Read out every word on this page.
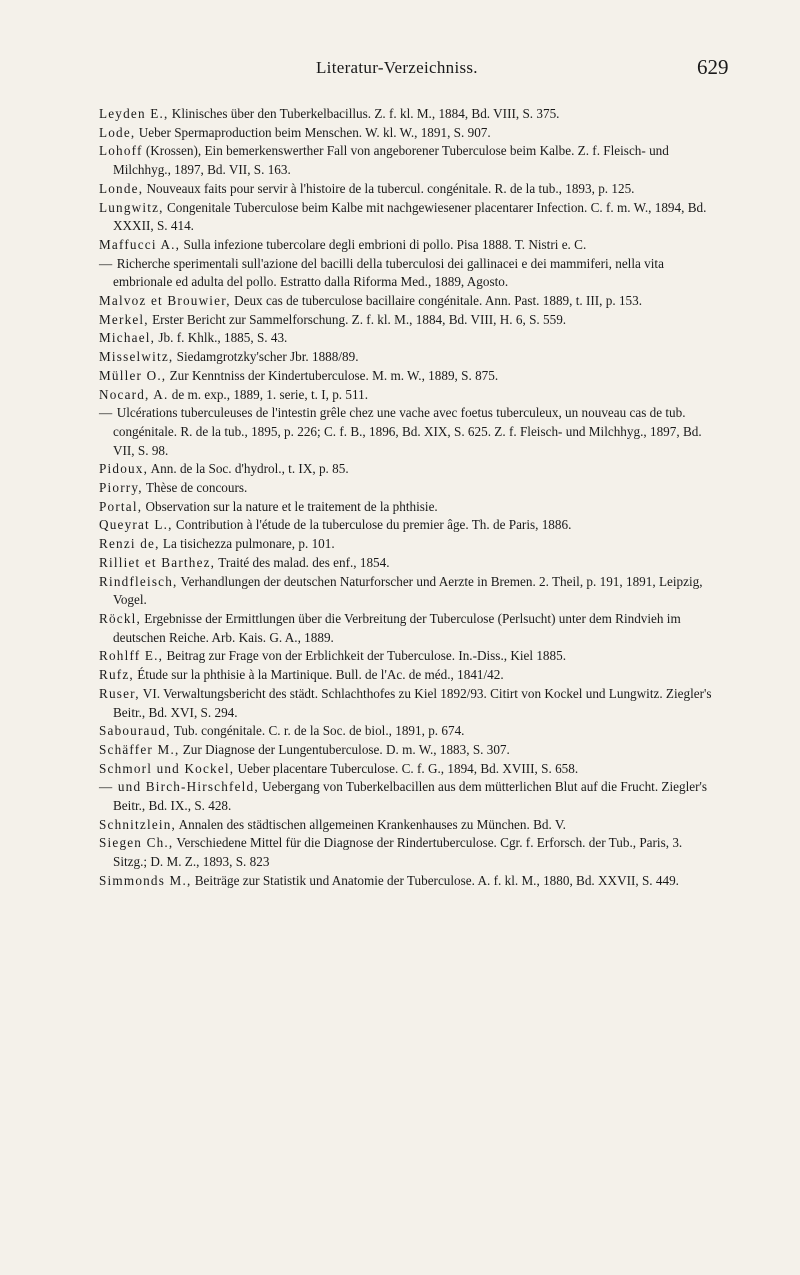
Literatur-Verzeichniss.	629

Leyden E., Klinisches über den Tuberkelbacillus. Z. f. kl. M., 1884, Bd. VIII, S. 375.

Lode, Ueber Spermaproduction beim Menschen. W. kl. W., 1891, S. 907.

Lohoff (Krossen), Ein bemerkenswerther Fall von angeborener Tuberculose beim Kalbe. Z. f. Fleisch- und Milchhyg., 1897, Bd. VII, S. 163.

Londe, Nouveaux faits pour servir à l'histoire de la tubercul. congénitale. R. de la tub., 1893, p. 125.

Lungwitz, Congenitale Tuberculose beim Kalbe mit nachgewiesener placentarer Infection. C. f. m. W., 1894, Bd. XXXII, S. 414.

Maffucci A., Sulla infezione tubercolare degli embrioni di pollo. Pisa 1888. T. Nistri e. C.

— Richerche sperimentali sull'azione del bacilli della tuberculosi dei gallinacei e dei mammiferi, nella vita embrionale ed adulta del pollo. Estratto dalla Riforma Med., 1889, Agosto.

Malvoz et Brouwier, Deux cas de tuberculose bacillaire congénitale. Ann. Past. 1889, t. III, p. 153.

Merkel, Erster Bericht zur Sammelforschung. Z. f. kl. M., 1884, Bd. VIII, H. 6, S. 559.

Michael, Jb. f. Khlk., 1885, S. 43.

Misselwitz, Siedamgrotzky'scher Jbr. 1888/89.

Müller O., Zur Kenntniss der Kindertuberculose. M. m. W., 1889, S. 875.

Nocard, A. de m. exp., 1889, 1. serie, t. I, p. 511.

— Ulcérations tuberculeuses de l'intestin grêle chez une vache avec foetus tuberculeux, un nouveau cas de tub. congénitale. R. de la tub., 1895, p. 226; C. f. B., 1896, Bd. XIX, S. 625. Z. f. Fleisch- und Milchhyg., 1897, Bd. VII, S. 98.

Pidoux, Ann. de la Soc. d'hydrol., t. IX, p. 85.

Piorry, Thèse de concours.

Portal, Observation sur la nature et le traitement de la phthisie.

Queyrat L., Contribution à l'étude de la tuberculose du premier âge. Th. de Paris, 1886.

Renzi de, La tisichezza pulmonare, p. 101.

Rilliet et Barthez, Traité des malad. des enf., 1854.

Rindfleisch, Verhandlungen der deutschen Naturforscher und Aerzte in Bremen. 2. Theil, p. 191, 1891, Leipzig, Vogel.

Röckl, Ergebnisse der Ermittlungen über die Verbreitung der Tuberculose (Perlsucht) unter dem Rindvieh im deutschen Reiche. Arb. Kais. G. A., 1889.

Rohlff E., Beitrag zur Frage von der Erblichkeit der Tuberculose. In.-Diss., Kiel 1885.

Rufz, Étude sur la phthisie à la Martinique. Bull. de l'Ac. de méd., 1841/42.

Ruser, VI. Verwaltungsbericht des städt. Schlachthofes zu Kiel 1892/93. Citirt von Kockel und Lungwitz. Ziegler's Beitr., Bd. XVI, S. 294.

Sabouraud, Tub. congénitale. C. r. de la Soc. de biol., 1891, p. 674.

Schäffer M., Zur Diagnose der Lungentuberculose. D. m. W., 1883, S. 307.

Schmorl und Kockel, Ueber placentare Tuberculose. C. f. G., 1894, Bd. XVIII, S. 658.

— und Birch-Hirschfeld, Uebergang von Tuberkelbacillen aus dem mütterlichen Blut auf die Frucht. Ziegler's Beitr., Bd. IX., S. 428.

Schnitzlein, Annalen des städtischen allgemeinen Krankenhauses zu München. Bd. V.

Siegen Ch., Verschiedene Mittel für die Diagnose der Rindertuberculose. Cgr. f. Erforsch. der Tub., Paris, 3. Sitzg.; D. M. Z., 1893, S. 823

Simmonds M., Beiträge zur Statistik und Anatomie der Tuberculose. A. f. kl. M., 1880, Bd. XXVII, S. 449.
